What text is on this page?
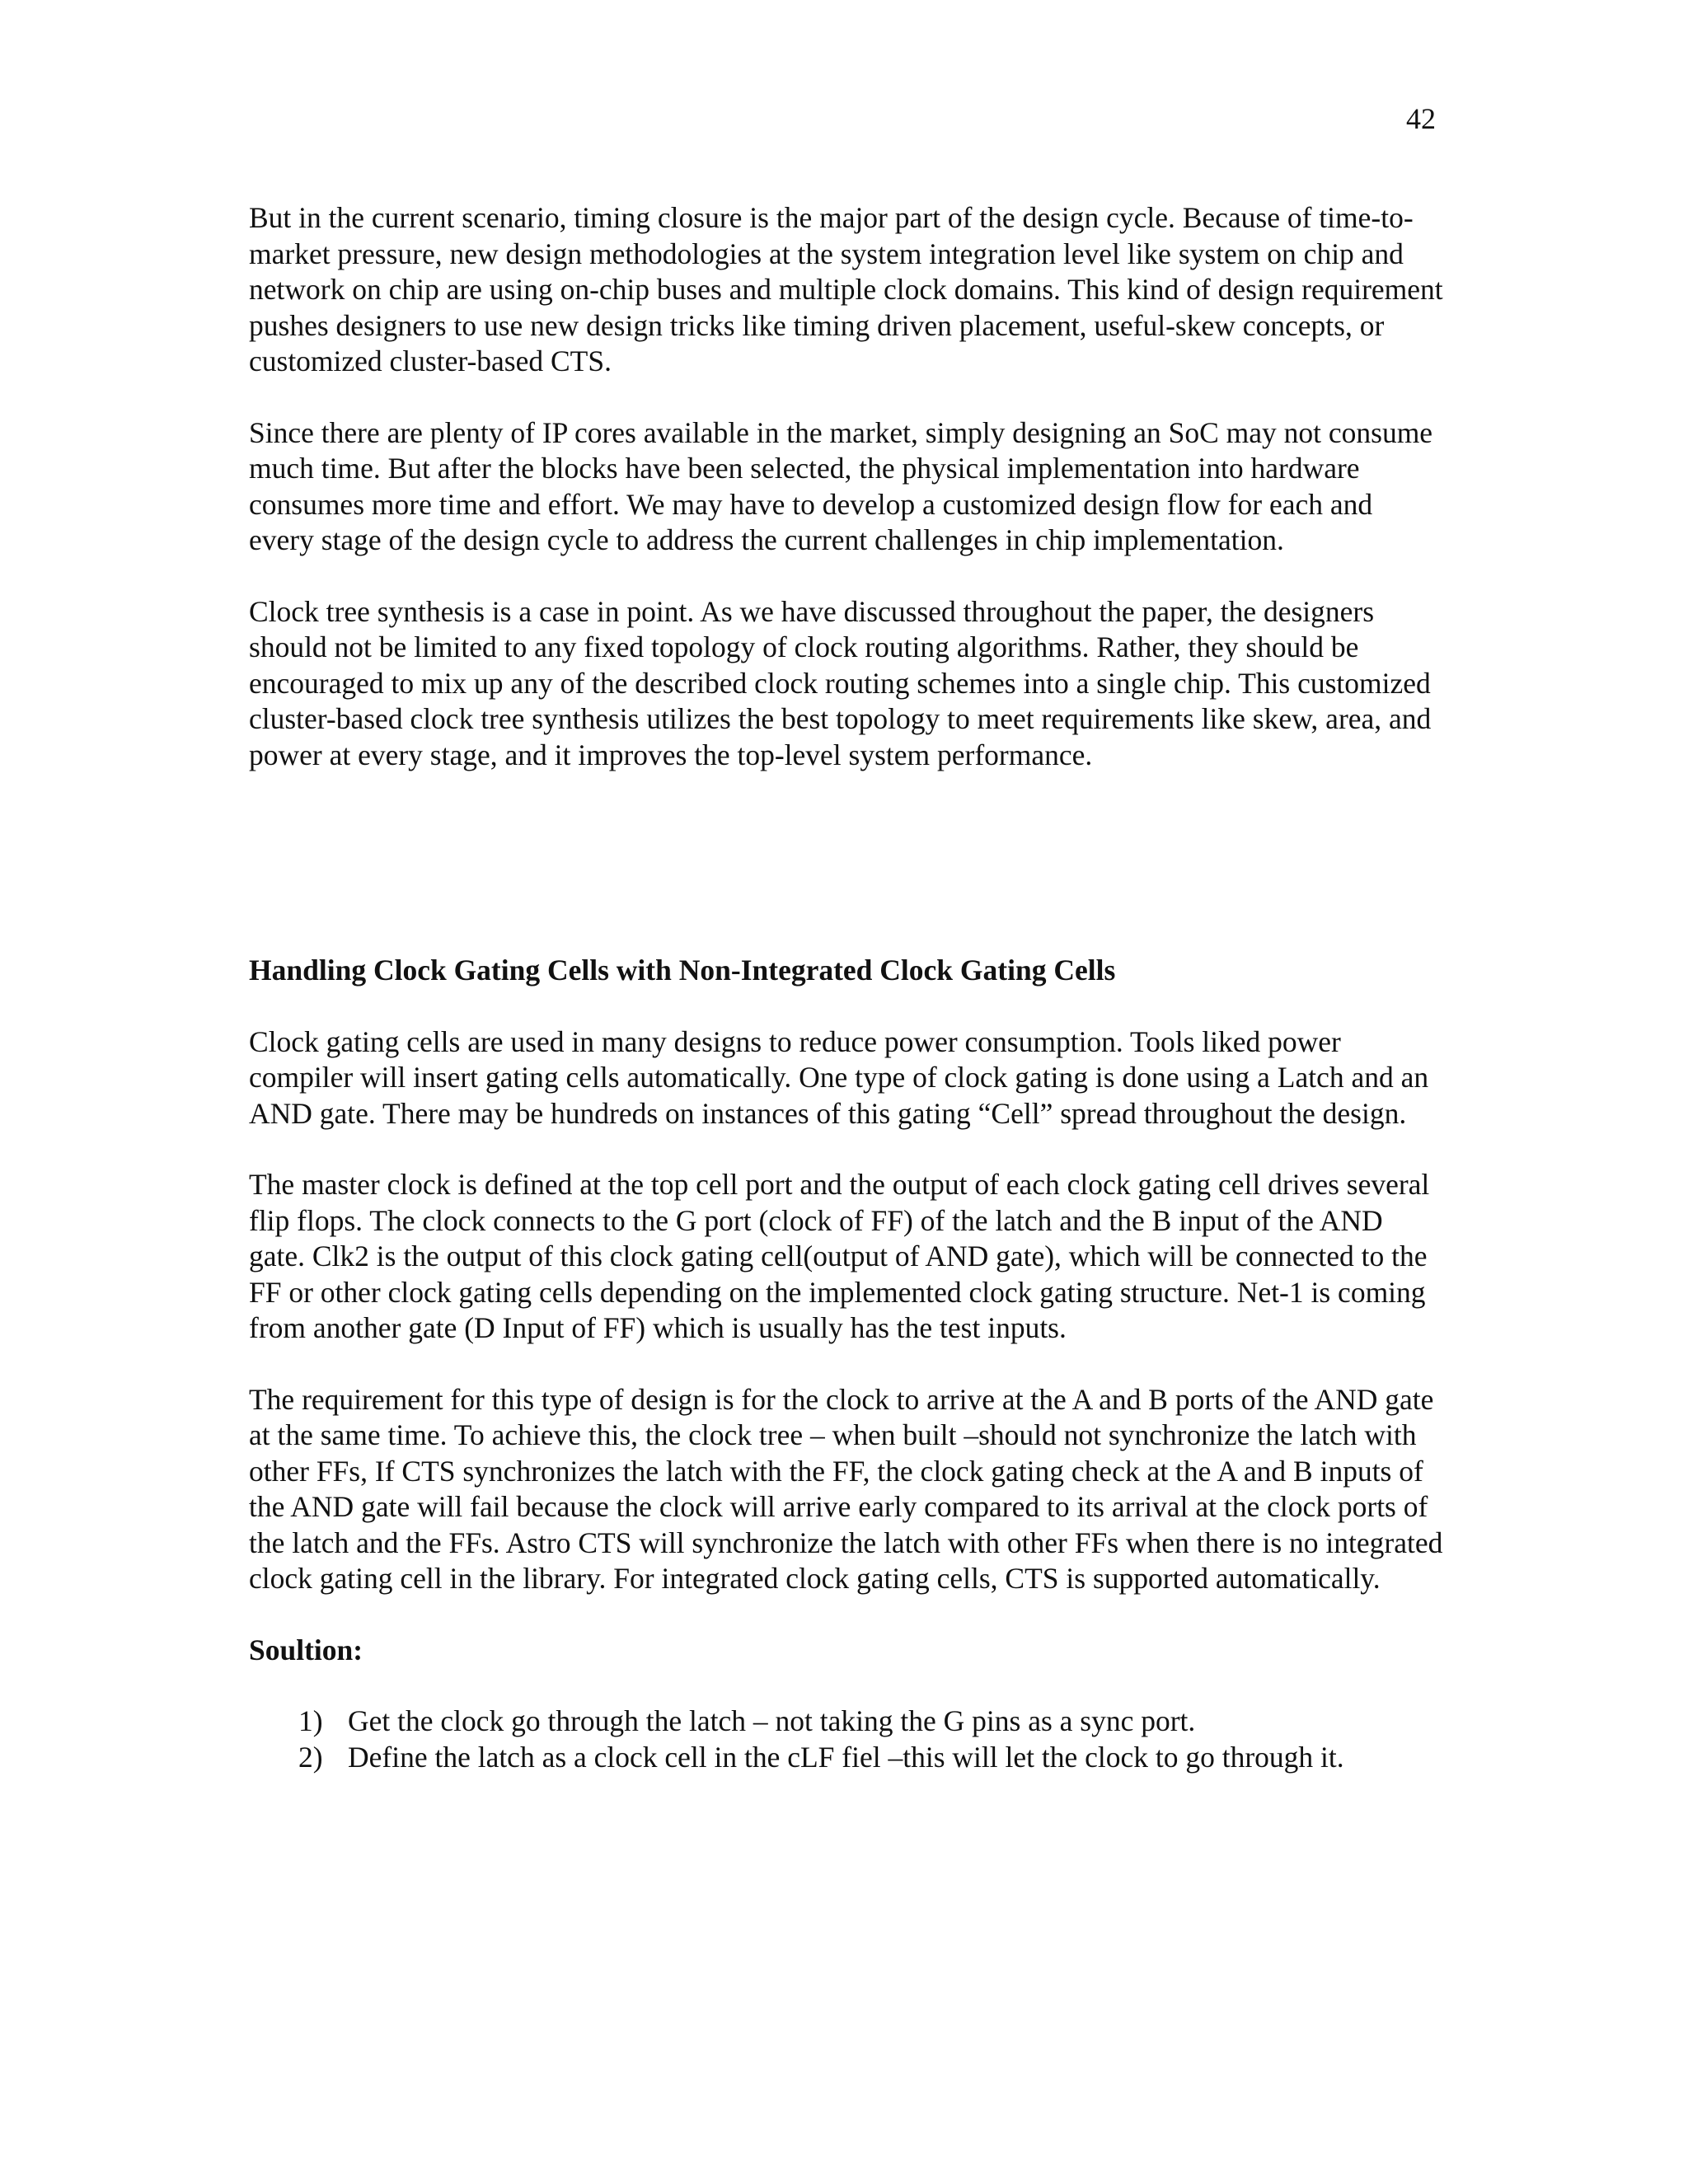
42

But in the current scenario, timing closure is the major part of the design cycle. Because of time-to-market pressure, new design methodologies at the system integration level like system on chip and network on chip are using on-chip buses and multiple clock domains. This kind of design requirement pushes designers to use new design tricks like timing driven placement, useful-skew concepts, or customized cluster-based CTS.

Since there are plenty of IP cores available in the market, simply designing an SoC may not consume much time. But after the blocks have been selected, the physical implementation into hardware consumes more time and effort. We may have to develop a customized design flow for each and every stage of the design cycle to address the current challenges in chip implementation.

Clock tree synthesis is a case in point. As we have discussed throughout the paper, the designers should not be limited to any fixed topology of clock routing algorithms. Rather, they should be encouraged to mix up any of the described clock routing schemes into a single chip. This customized cluster-based clock tree synthesis utilizes the best topology to meet requirements like skew, area, and power at every stage, and it improves the top-level system performance.

Handling Clock Gating Cells with Non-Integrated Clock Gating Cells

Clock gating cells are used in many designs to reduce power consumption. Tools liked power compiler will insert gating cells automatically. One type of clock gating is done using a Latch and an AND gate. There may be hundreds on instances of this gating “Cell” spread throughout the design.

The master clock is defined at the top cell port and the output of each clock gating cell drives several flip flops. The clock connects to the G port (clock of FF) of the latch and the B input of the AND gate. Clk2 is the output of this clock gating cell(output of AND gate), which will be connected to the FF or other clock gating cells depending on the implemented clock gating structure. Net-1 is coming from another gate (D Input of FF) which is usually has the test inputs.

The requirement for this type of design is for the clock to arrive at the A and B ports of the AND gate at the same time. To achieve this, the clock tree – when built –should not synchronize the latch with other FFs, If CTS synchronizes the latch with the FF, the clock gating check at the A and B inputs of the AND gate will fail because the clock will arrive early compared to its arrival at the clock ports of the latch and the FFs. Astro CTS will synchronize the latch with other FFs when there is no integrated clock gating cell in the library. For integrated clock gating cells, CTS is supported automatically.

Soultion:
1) Get the clock go through the latch – not taking the G pins as a sync port.
2) Define the latch as a clock cell in the cLF fiel –this will let the clock to go through it.
